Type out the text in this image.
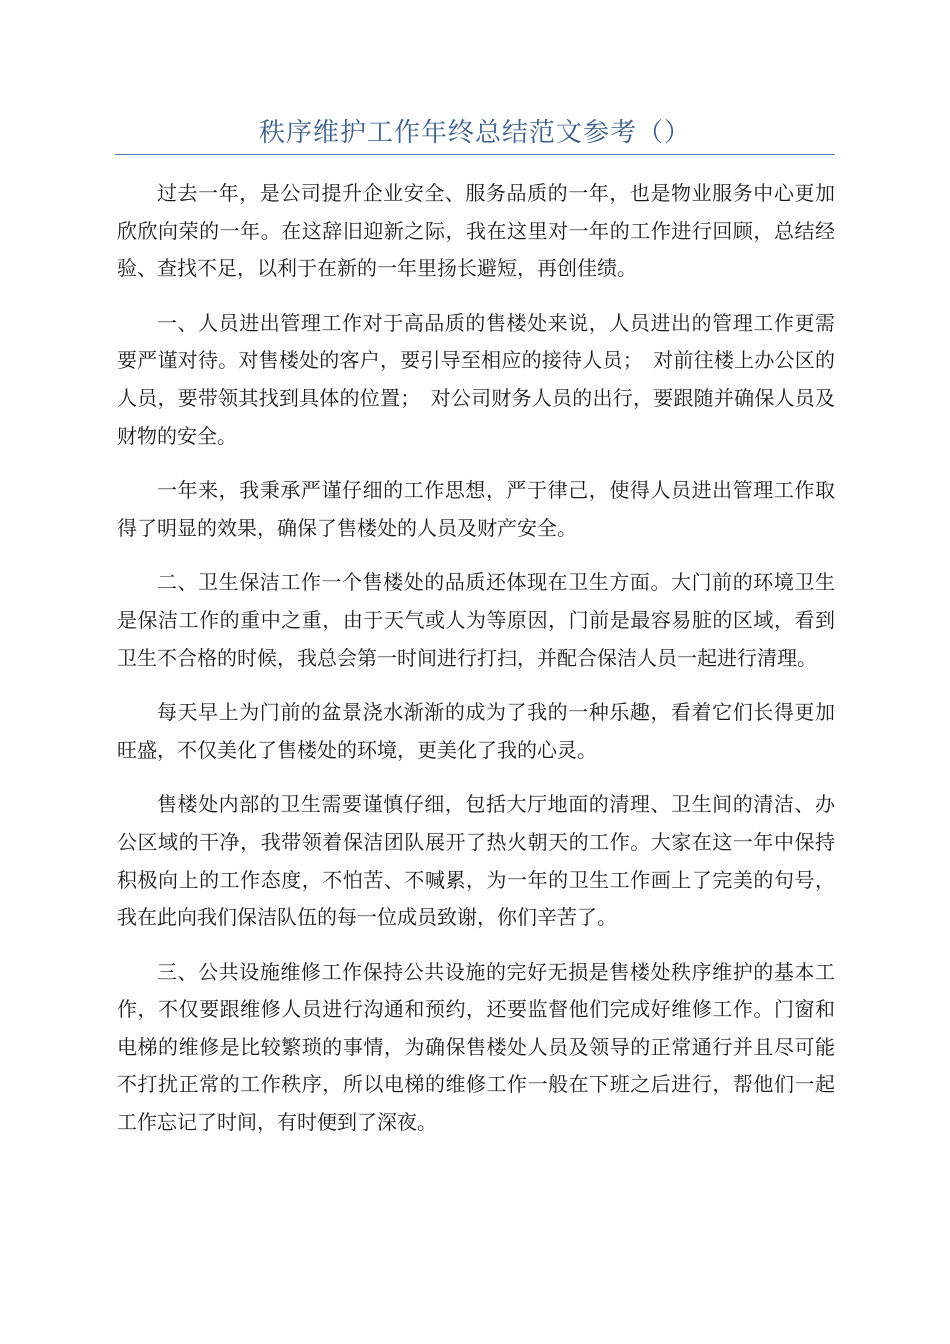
秩序维护工作年终总结范文参考（）

过去一年，是公司提升企业安全、服务品质的一年，也是物业服务中心更加欣欣向荣的一年。在这辞旧迎新之际，我在这里对一年的工作进行回顾，总结经验、查找不足，以利于在新的一年里扬长避短，再创佳绩。

一、人员进出管理工作对于高品质的售楼处来说，人员进出的管理工作更需要严谨对待。对售楼处的客户，要引导至相应的接待人员；　对前往楼上办公区的人员，要带领其找到具体的位置；　对公司财务人员的出行，要跟随并确保人员及财物的安全。

一年来，我秉承严谨仔细的工作思想，严于律己，使得人员进出管理工作取得了明显的效果，确保了售楼处的人员及财产安全。

二、卫生保洁工作一个售楼处的品质还体现在卫生方面。大门前的环境卫生是保洁工作的重中之重，由于天气或人为等原因，门前是最容易脏的区域，看到卫生不合格的时候，我总会第一时间进行打扫，并配合保洁人员一起进行清理。

每天早上为门前的盆景浇水渐渐的成为了我的一种乐趣，看着它们长得更加旺盛，不仅美化了售楼处的环境，更美化了我的心灵。

售楼处内部的卫生需要谨慎仔细，包括大厅地面的清理、卫生间的清洁、办公区域的干净，我带领着保洁团队展开了热火朝天的工作。大家在这一年中保持积极向上的工作态度，不怕苦、不喊累，为一年的卫生工作画上了完美的句号，我在此向我们保洁队伍的每一位成员致谢，你们辛苦了。

三、公共设施维修工作保持公共设施的完好无损是售楼处秩序维护的基本工作，不仅要跟维修人员进行沟通和预约，还要监督他们完成好维修工作。门窗和电梯的维修是比较繁琐的事情，为确保售楼处人员及领导的正常通行并且尽可能不打扰正常的工作秩序，所以电梯的维修工作一般在下班之后进行，帮他们一起工作忘记了时间，有时便到了深夜。
